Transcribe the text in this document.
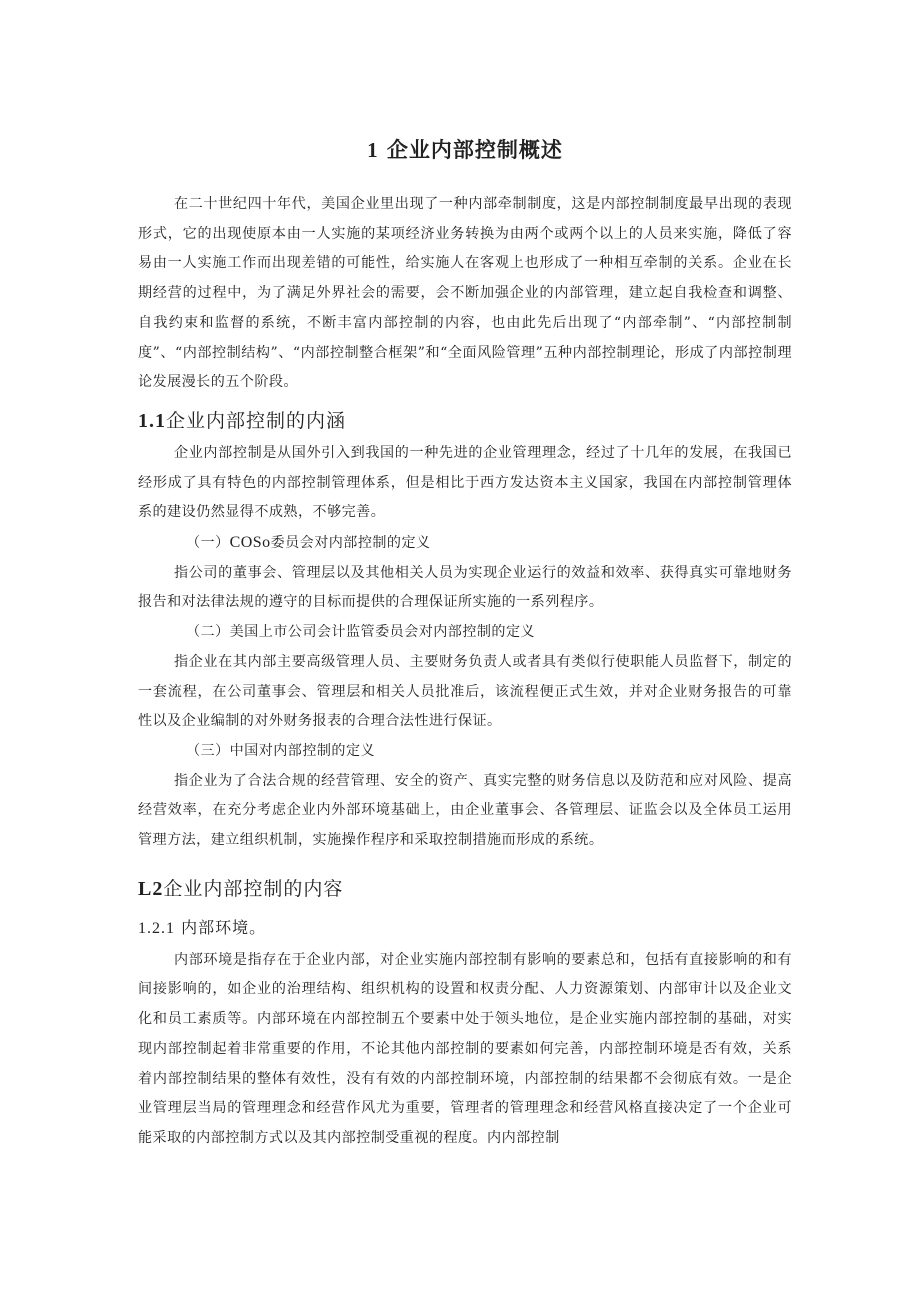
1 企业内部控制概述

在二十世纪四十年代，美国企业里出现了一种内部牵制制度，这是内部控制制度最早出现的表现形式，它的出现使原本由一人实施的某项经济业务转换为由两个或两个以上的人员来实施，降低了容易由一人实施工作而出现差错的可能性，给实施人在客观上也形成了一种相互牵制的关系。企业在长期经营的过程中，为了满足外界社会的需要，会不断加强企业的内部管理，建立起自我检查和调整、自我约束和监督的系统，不断丰富内部控制的内容，也由此先后出现了“内部牵制”、“内部控制制度”、“内部控制结构”、“内部控制整合框架”和“全面风险管理”五种内部控制理论，形成了内部控制理论发展漫长的五个阶段。

1.1企业内部控制的内涵

企业内部控制是从国外引入到我国的一种先进的企业管理理念，经过了十几年的发展，在我国已经形成了具有特色的内部控制管理体系，但是相比于西方发达资本主义国家，我国在内部控制管理体系的建设仍然显得不成熟，不够完善。

（一）COSo委员会对内部控制的定义

指公司的董事会、管理层以及其他相关人员为实现企业运行的效益和效率、获得真实可靠地财务报告和对法律法规的遵守的目标而提供的合理保证所实施的一系列程序。

（二）美国上市公司会计监管委员会对内部控制的定义

指企业在其内部主要高级管理人员、主要财务负责人或者具有类似行使职能人员监督下，制定的一套流程，在公司董事会、管理层和相关人员批准后，该流程便正式生效，并对企业财务报告的可靠性以及企业编制的对外财务报表的合理合法性进行保证。

（三）中国对内部控制的定义

指企业为了合法合规的经营管理、安全的资产、真实完整的财务信息以及防范和应对风险、提高经营效率，在充分考虑企业内外部环境基础上，由企业董事会、各管理层、证监会以及全体员工运用管理方法，建立组织机制，实施操作程序和采取控制措施而形成的系统。

L2企业内部控制的内容
1.2.1 内部环境。

内部环境是指存在于企业内部，对企业实施内部控制有影响的要素总和，包括有直接影响的和有间接影响的，如企业的治理结构、组织机构的设置和权责分配、人力资源策划、内部审计以及企业文化和员工素质等。内部环境在内部控制五个要素中处于领头地位，是企业实施内部控制的基础，对实现内部控制起着非常重要的作用，不论其他内部控制的要素如何完善，内部控制环境是否有效，关系着内部控制结果的整体有效性，没有有效的内部控制环境，内部控制的结果都不会彻底有效。一是企业管理层当局的管理理念和经营作风尤为重要，管理者的管理理念和经营风格直接决定了一个企业可能采取的内部控制方式以及其内部控制受重视的程度。内内部控制
